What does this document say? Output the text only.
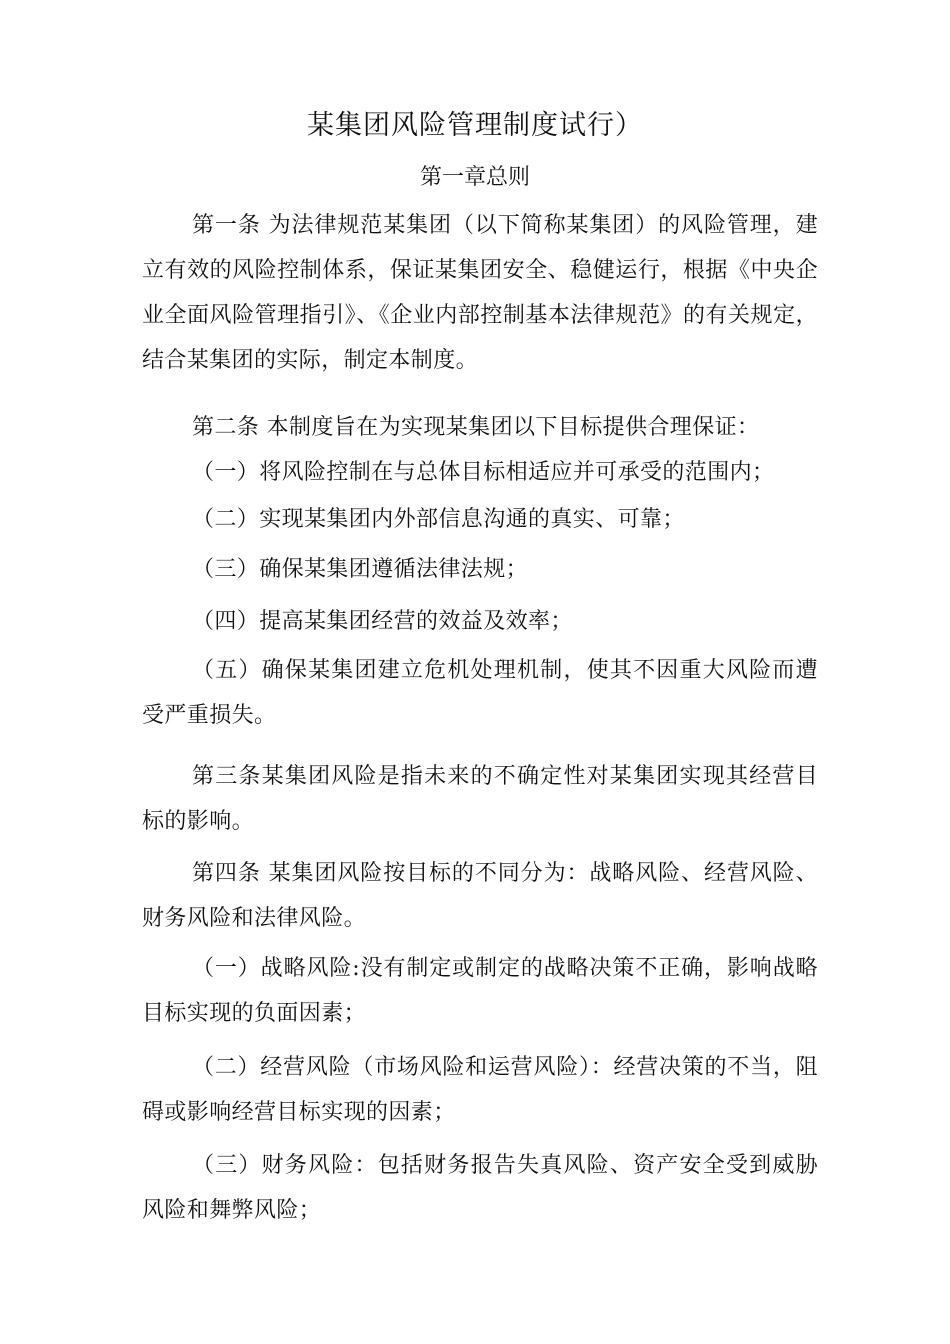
某集团风险管理制度试行）
第一章总则
第一条 为法律规范某集团（以下简称某集团）的风险管理，建立有效的风险控制体系，保证某集团安全、稳健运行，根据《中央企业全面风险管理指引》、《企业内部控制基本法律规范》的有关规定，结合某集团的实际，制定本制度。
第二条 本制度旨在为实现某集团以下目标提供合理保证：
（一）将风险控制在与总体目标相适应并可承受的范围内；
（二）实现某集团内外部信息沟通的真实、可靠；
（三）确保某集团遵循法律法规；
（四）提高某集团经营的效益及效率；
（五）确保某集团建立危机处理机制，使其不因重大风险而遭受严重损失。
第三条某集团风险是指未来的不确定性对某集团实现其经营目标的影响。
第四条 某集团风险按目标的不同分为：战略风险、经营风险、财务风险和法律风险。
（一）战略风险:没有制定或制定的战略决策不正确，影响战略目标实现的负面因素；
（二）经营风险（市场风险和运营风险）：经营决策的不当，阻碍或影响经营目标实现的因素；
（三）财务风险：包括财务报告失真风险、资产安全受到威胁风险和舞弊风险；
